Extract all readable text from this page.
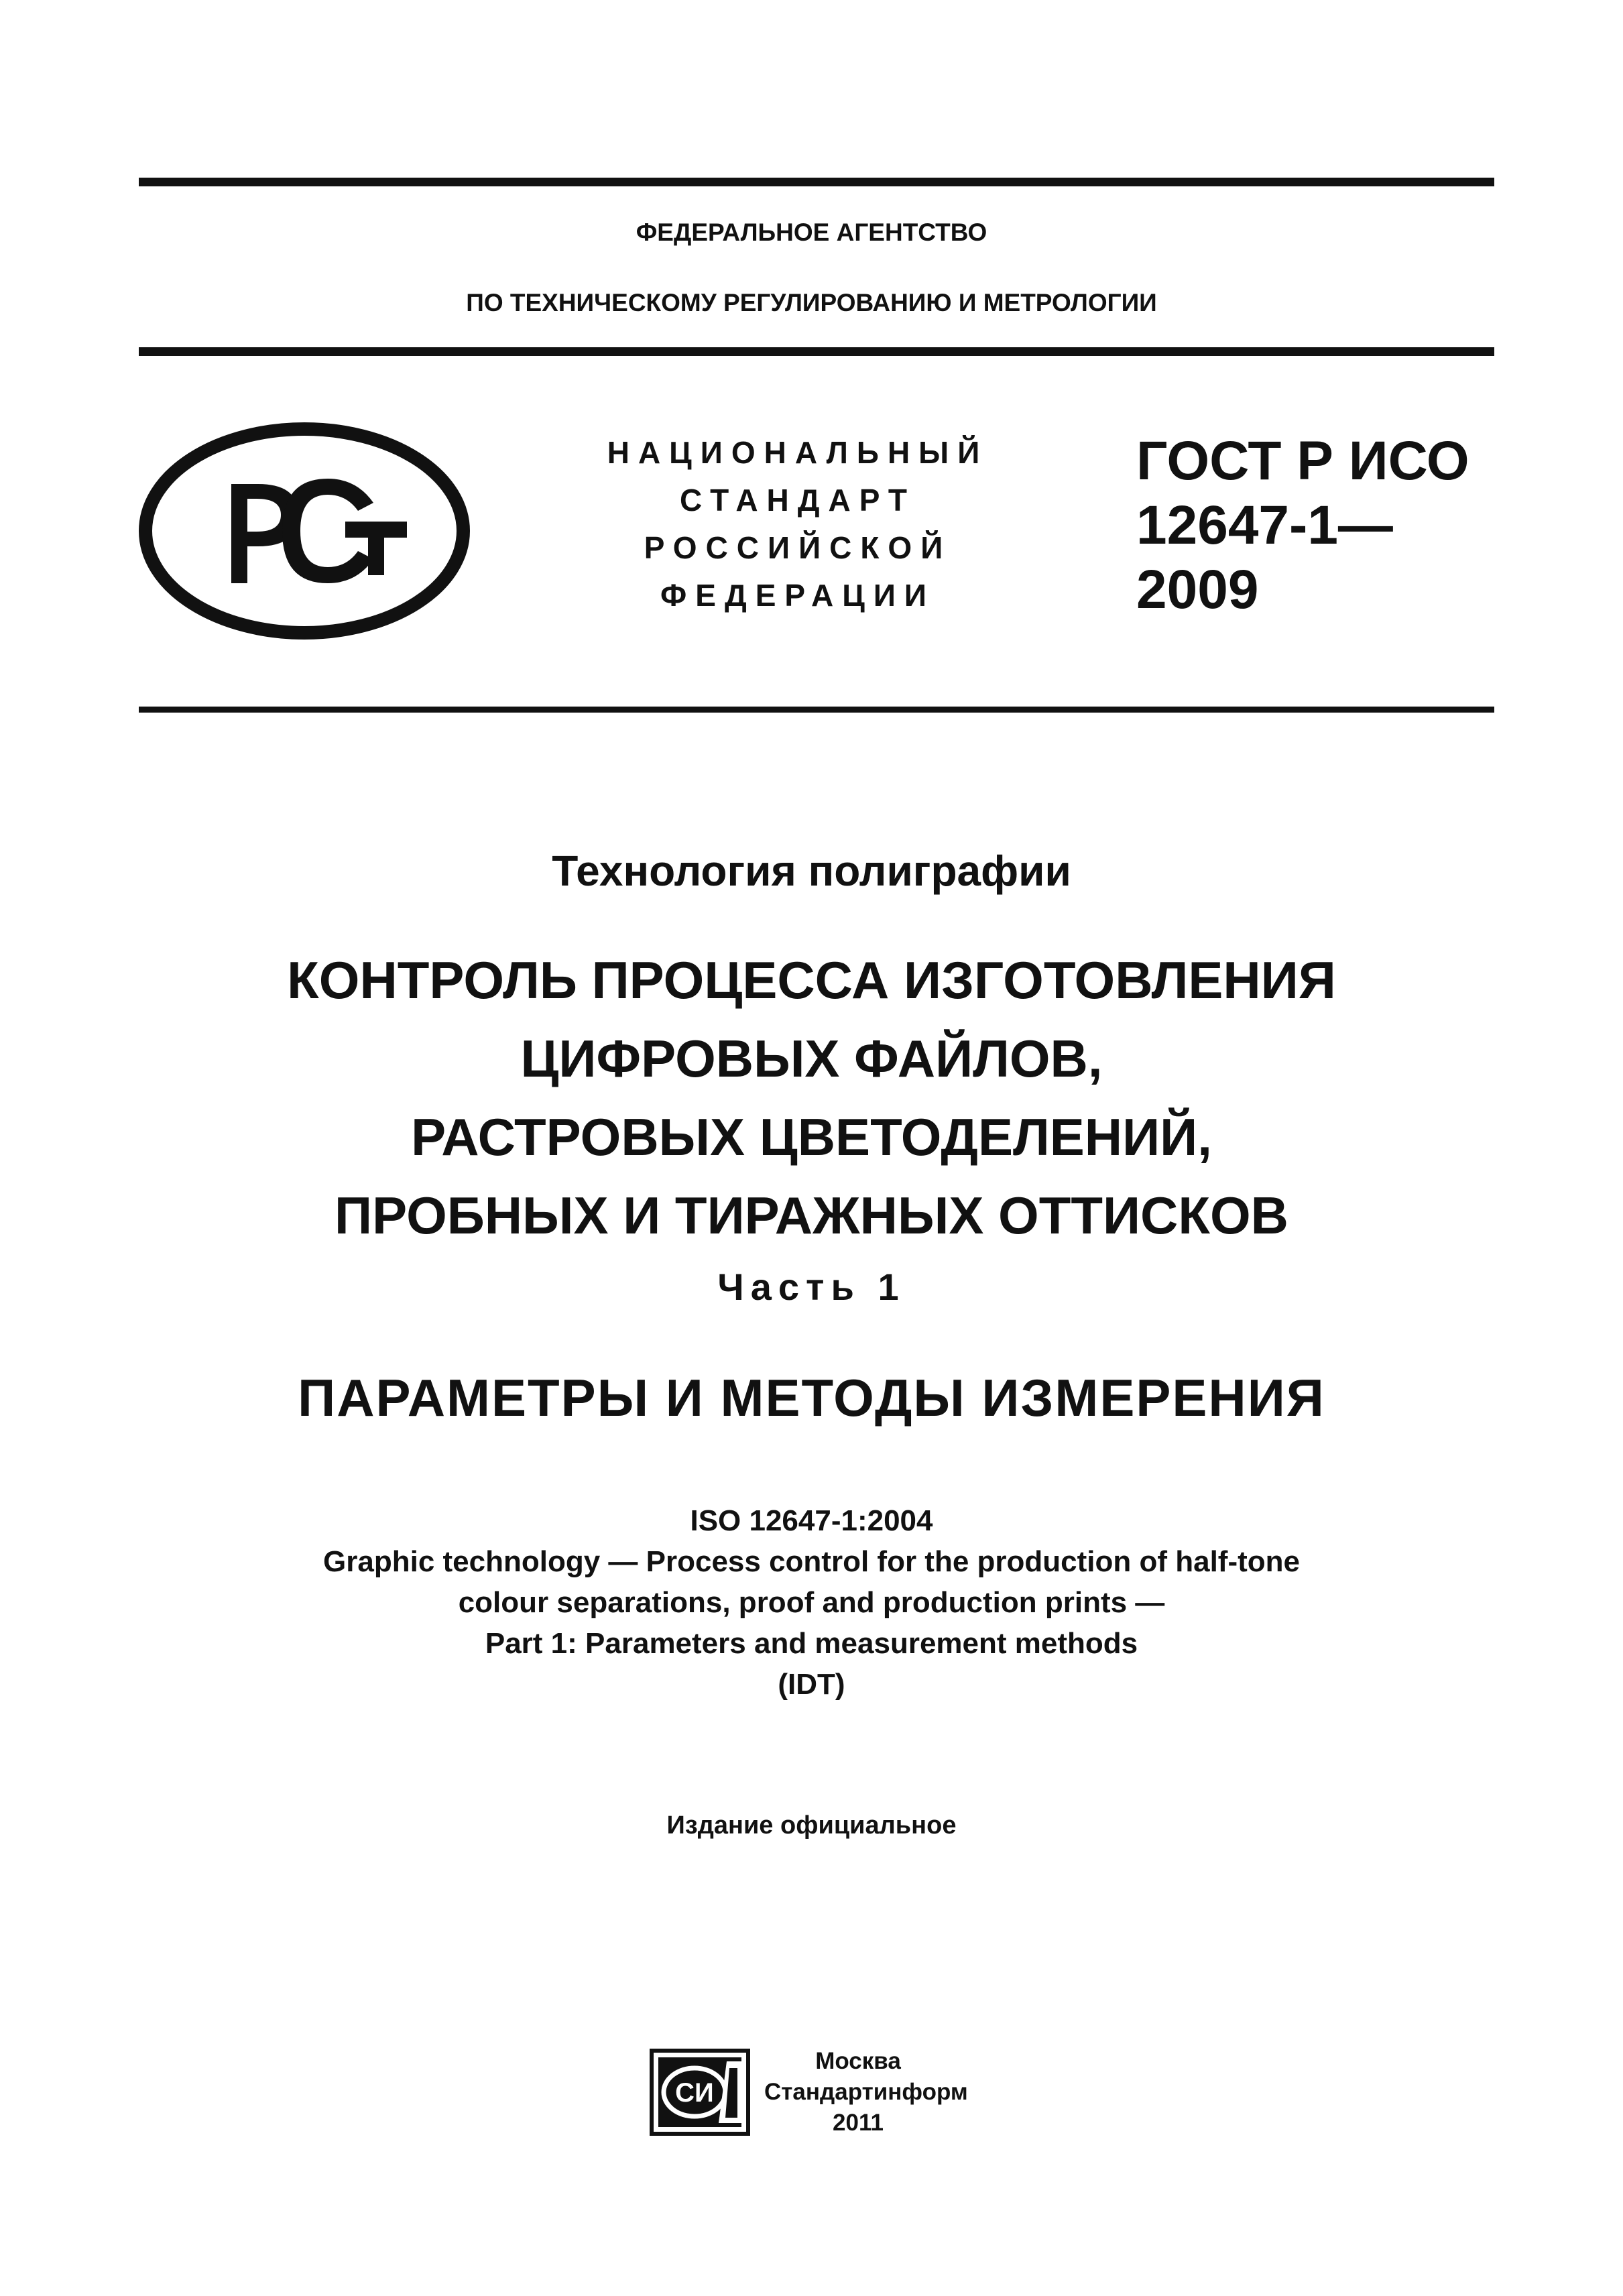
ФЕДЕРАЛЬНОЕ АГЕНТСТВО
ПО ТЕХНИЧЕСКОМУ РЕГУЛИРОВАНИЮ И МЕТРОЛОГИИ
НАЦИОНАЛЬНЫЙ
СТАНДАРТ
РОССИЙСКОЙ
ФЕДЕРАЦИИ
ГОСТ Р ИСО
12647-1—
2009
Технология полиграфии
КОНТРОЛЬ ПРОЦЕССА ИЗГОТОВЛЕНИЯ
ЦИФРОВЫХ ФАЙЛОВ,
РАСТРОВЫХ ЦВЕТОДЕЛЕНИЙ,
ПРОБНЫХ И ТИРАЖНЫХ ОТТИСКОВ
Часть 1
ПАРАМЕТРЫ И МЕТОДЫ ИЗМЕРЕНИЯ
ISO 12647-1:2004
Graphic technology — Process control for the production of half-tone
colour separations, proof and production prints —
Part 1: Parameters and measurement methods
(IDT)
Издание официальное
СИ
Москва
Стандартинформ
2011
